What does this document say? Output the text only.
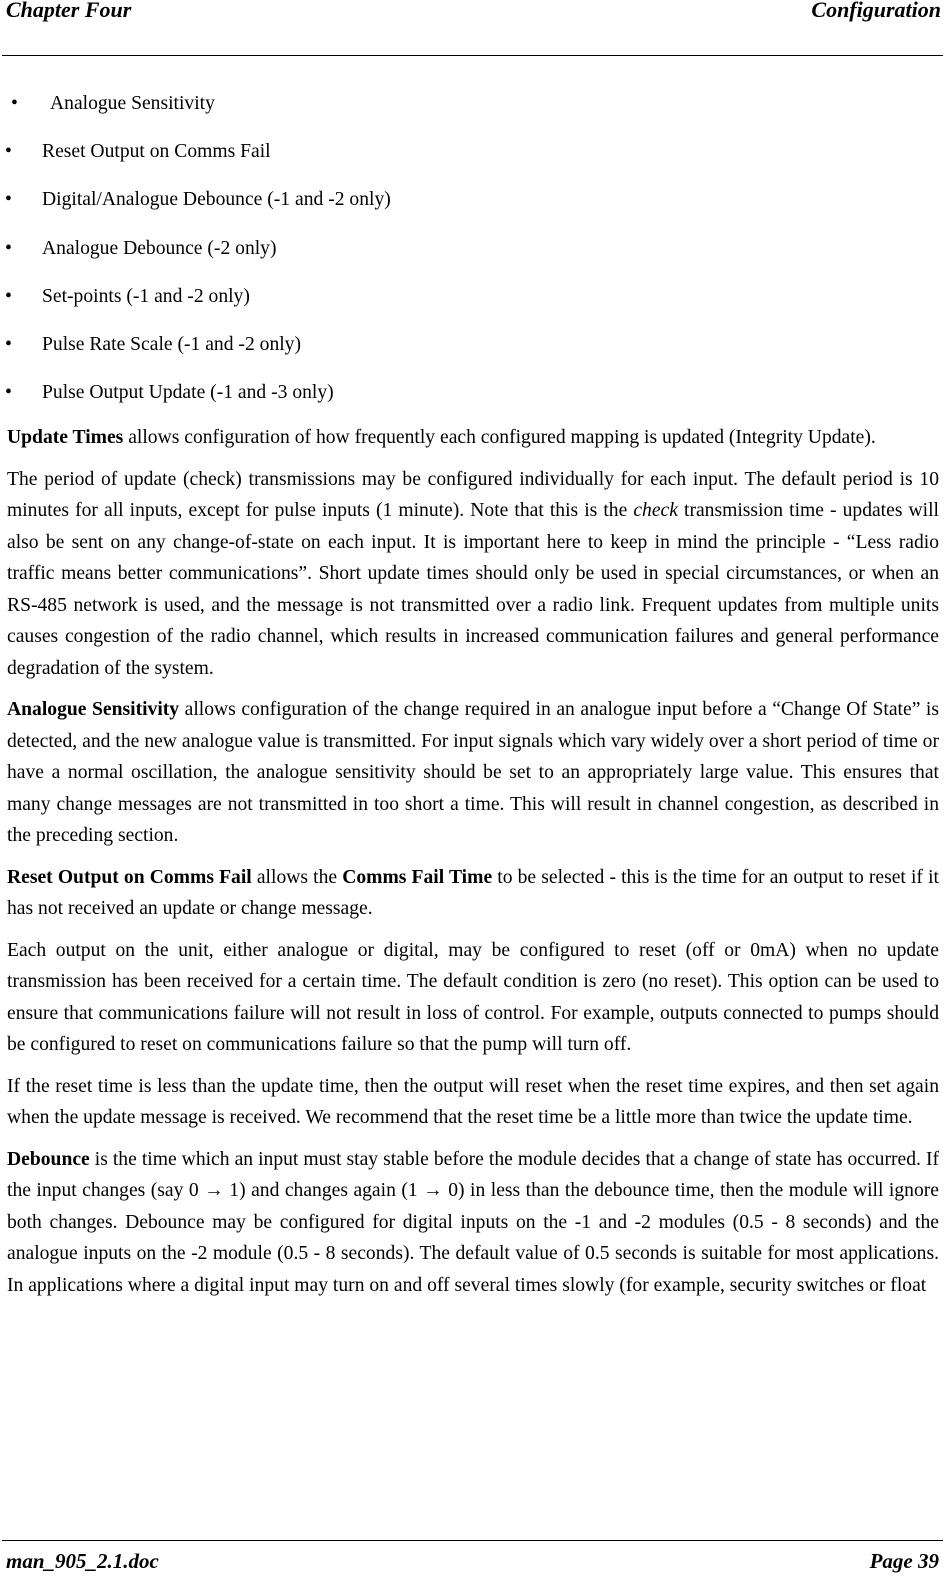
Chapter Four	Configuration
• Analogue Sensitivity
• Reset Output on Comms Fail
• Digital/Analogue Debounce (-1 and -2 only)
• Analogue Debounce (-2 only)
• Set-points (-1 and -2 only)
• Pulse Rate Scale (-1 and -2 only)
• Pulse Output Update (-1 and -3 only)

Update Times allows configuration of how frequently each configured mapping is updated (Integrity Update).

The period of update (check) transmissions may be configured individually for each input. The default period is 10 minutes for all inputs, except for pulse inputs (1 minute). Note that this is the check transmission time - updates will also be sent on any change-of-state on each input. It is important here to keep in mind the principle - “Less radio traffic means better communications”. Short update times should only be used in special circumstances, or when an RS-485 network is used, and the message is not transmitted over a radio link. Frequent updates from multiple units causes congestion of the radio channel, which results in increased communication failures and general performance degradation of the system.

Analogue Sensitivity allows configuration of the change required in an analogue input before a “Change Of State” is detected, and the new analogue value is transmitted. For input signals which vary widely over a short period of time or have a normal oscillation, the analogue sensitivity should be set to an appropriately large value. This ensures that many change messages are not transmitted in too short a time. This will result in channel congestion, as described in the preceding section.

Reset Output on Comms Fail allows the Comms Fail Time to be selected - this is the time for an output to reset if it has not received an update or change message.

Each output on the unit, either analogue or digital, may be configured to reset (off or 0mA) when no update transmission has been received for a certain time. The default condition is zero (no reset). This option can be used to ensure that communications failure will not result in loss of control. For example, outputs connected to pumps should be configured to reset on communications failure so that the pump will turn off.

If the reset time is less than the update time, then the output will reset when the reset time expires, and then set again when the update message is received. We recommend that the reset time be a little more than twice the update time.

Debounce is the time which an input must stay stable before the module decides that a change of state has occurred. If the input changes (say 0 → 1) and changes again (1 → 0) in less than the debounce time, then the module will ignore both changes. Debounce may be configured for digital inputs on the -1 and -2 modules (0.5 - 8 seconds) and the analogue inputs on the -2 module (0.5 - 8 seconds). The default value of 0.5 seconds is suitable for most applications. In applications where a digital input may turn on and off several times slowly (for example, security switches or float

man_905_2.1.doc	Page 39
